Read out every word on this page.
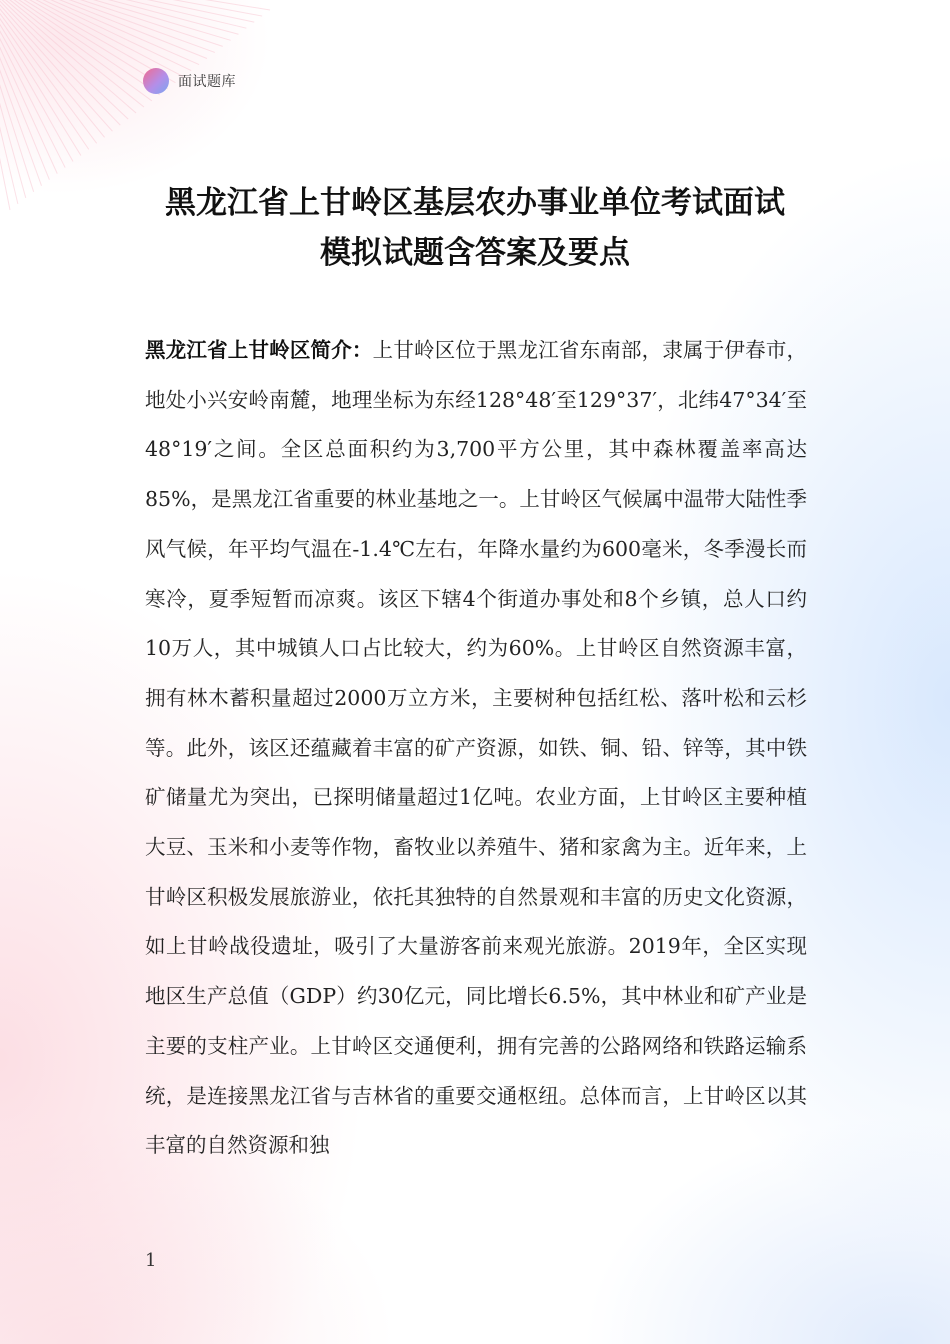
面试题库
黑龙江省上甘岭区基层农办事业单位考试面试
模拟试题含答案及要点

黑龙江省上甘岭区简介：上甘岭区位于黑龙江省东南部，隶属于伊春市，地处小兴安岭南麓，地理坐标为东经128°48′至129°37′，北纬47°34′至48°19′之间。全区总面积约为3,700平方公里，其中森林覆盖率高达85%，是黑龙江省重要的林业基地之一。上甘岭区气候属中温带大陆性季风气候，年平均气温在-1.4℃左右，年降水量约为600毫米，冬季漫长而寒冷，夏季短暂而凉爽。该区下辖4个街道办事处和8个乡镇，总人口约10万人，其中城镇人口占比较大，约为60%。上甘岭区自然资源丰富，拥有林木蓄积量超过2000万立方米，主要树种包括红松、落叶松和云杉等。此外，该区还蕴藏着丰富的矿产资源，如铁、铜、铅、锌等，其中铁矿储量尤为突出，已探明储量超过1亿吨。农业方面，上甘岭区主要种植大豆、玉米和小麦等作物，畜牧业以养殖牛、猪和家禽为主。近年来，上甘岭区积极发展旅游业，依托其独特的自然景观和丰富的历史文化资源，如上甘岭战役遗址，吸引了大量游客前来观光旅游。2019年，全区实现地区生产总值（GDP）约30亿元，同比增长6.5%，其中林业和矿产业是主要的支柱产业。上甘岭区交通便利，拥有完善的公路网络和铁路运输系统，是连接黑龙江省与吉林省的重要交通枢纽。总体而言，上甘岭区以其丰富的自然资源和独

1
